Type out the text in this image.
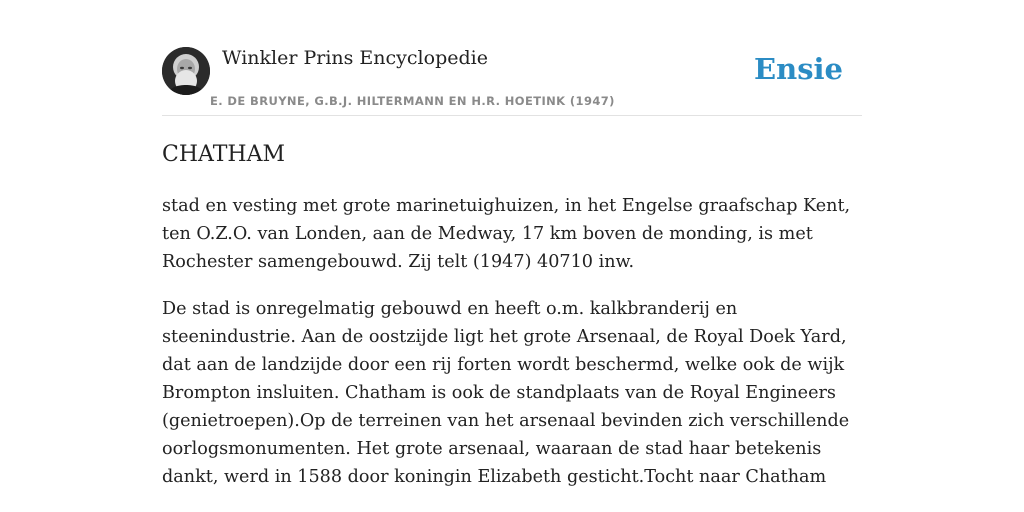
Winkler Prins Encyclopedie
E. DE BRUYNE, G.B.J. HILTERMANN EN H.R. HOETINK (1947)
Ensie
CHATHAM

stad en vesting met grote marinetuighuizen, in het Engelse graafschap Kent, ten O.Z.O. van Londen, aan de Medway, 17 km boven de monding, is met Rochester samengebouwd. Zij telt (1947) 40710 inw.

De stad is onregelmatig gebouwd en heeft o.m. kalkbranderij en steenindustrie. Aan de oostzijde ligt het grote Arsenaal, de Royal Doek Yard, dat aan de landzijde door een rij forten wordt beschermd, welke ook de wijk Brompton insluiten. Chatham is ook de standplaats van de Royal Engineers (genietroepen).Op de terreinen van het arsenaal bevinden zich verschillende oorlogsmonumenten. Het grote arsenaal, waaraan de stad haar betekenis dankt, werd in 1588 door koningin Elizabeth gesticht.Tocht naar Chatham
